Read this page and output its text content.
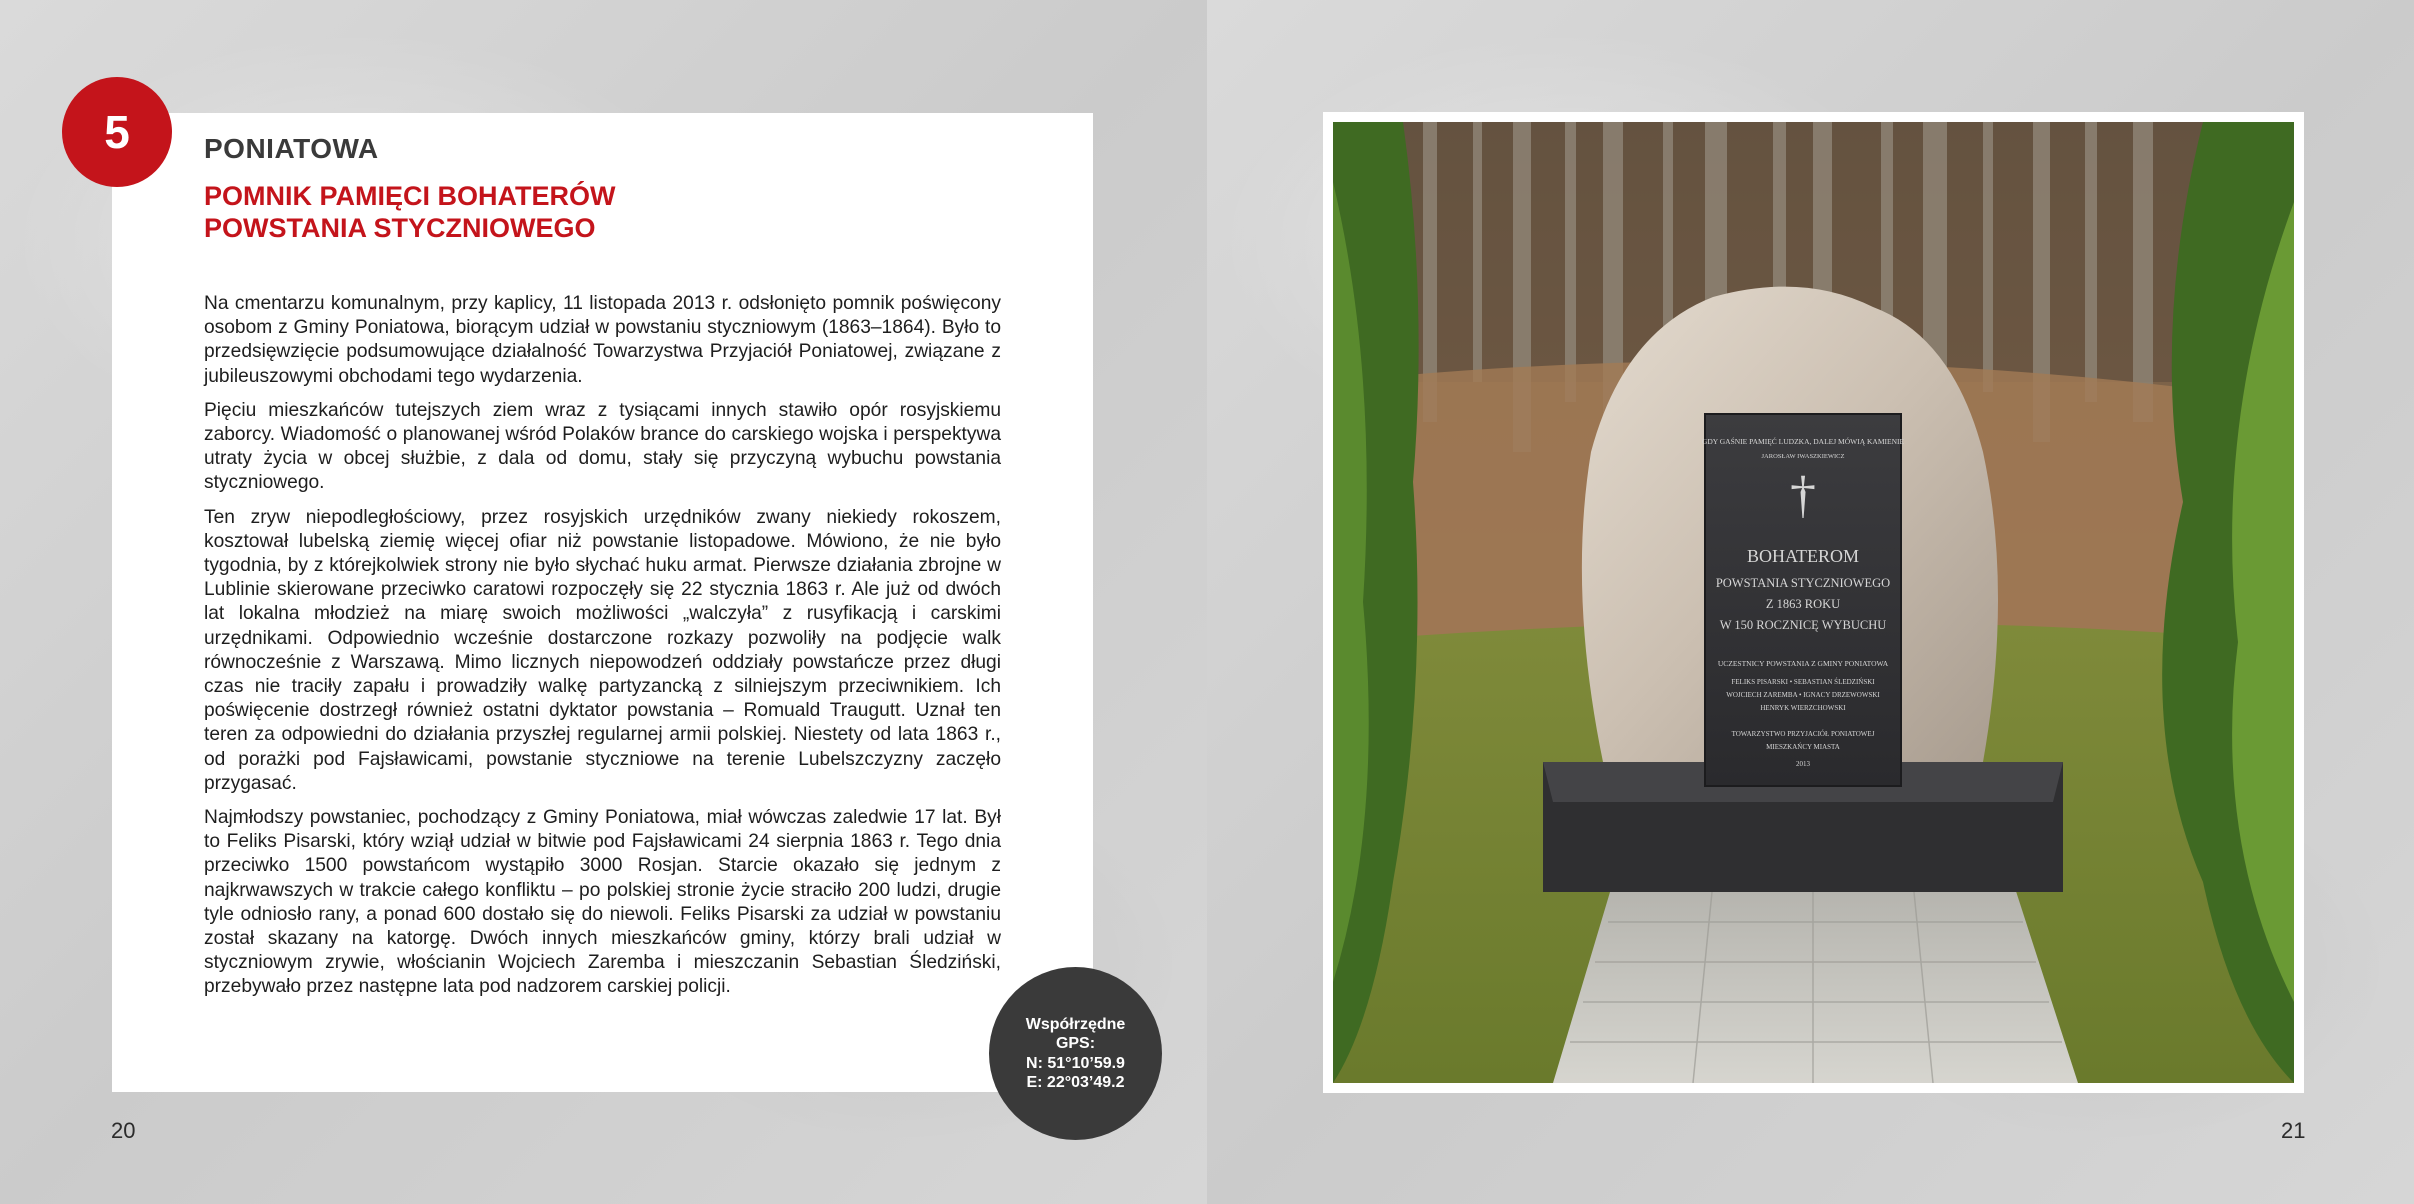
5	PONIATOWA
POMNIK PAMIĘCI BOHATERÓW
POWSTANIA STYCZNIOWEGO

Na cmentarzu komunalnym, przy kaplicy, 11 listopada 2013 r. odsłonięto pomnik poświęcony osobom z Gminy Poniatowa, biorącym udział w powstaniu styczniowym (1863–1864). Było to przedsięwzięcie podsumowujące działalność Towarzystwa Przyjaciół Poniatowej, związane z jubileuszowymi obchodami tego wydarzenia.

Pięciu mieszkańców tutejszych ziem wraz z tysiącami innych stawiło opór rosyjskiemu zaborcy. Wiadomość o planowanej wśród Polaków brance do carskiego wojska i perspektywa utraty życia w obcej służbie, z dala od domu, stały się przyczyną wybuchu powstania styczniowego.

Ten zryw niepodległościowy, przez rosyjskich urzędników zwany niekiedy rokoszem, kosztował lubelską ziemię więcej ofiar niż powstanie listopadowe. Mówiono, że nie było tygodnia, by z którejkolwiek strony nie było słychać huku armat. Pierwsze działania zbrojne w Lublinie skierowane przeciwko caratowi rozpoczęły się 22 stycznia 1863 r. Ale już od dwóch lat lokalna młodzież na miarę swoich możliwości „walczyła” z rusyfikacją i carskimi urzędnikami. Odpowiednio wcześnie dostarczone rozkazy pozwoliły na podjęcie walk równocześnie z Warszawą. Mimo licznych niepowodzeń oddziały powstańcze przez długi czas nie traciły zapału i prowadziły walkę partyzancką z silniejszym przeciwnikiem. Ich poświęcenie dostrzegł również ostatni dyktator powstania – Romuald Traugutt. Uznał ten teren za odpowiedni do działania przyszłej regularnej armii polskiej. Niestety od lata 1863 r., od porażki pod Fajsławicami, powstanie styczniowe na terenie Lubelszczyzny zaczęło przygasać.

Najmłodszy powstaniec, pochodzący z Gminy Poniatowa, miał wówczas zaledwie 17 lat. Był to Feliks Pisarski, który wziął udział w bitwie pod Fajsławicami 24 sierpnia 1863 r. Tego dnia przeciwko 1500 powstańcom wystąpiło 3000 Rosjan. Starcie okazało się jednym z najkrwawszych w trakcie całego konfliktu – po polskiej stronie życie straciło 200 ludzi, drugie tyle odniosło rany, a ponad 600 dostało się do niewoli. Feliks Pisarski za udział w powstaniu został skazany na katorgę. Dwóch innych mieszkańców gminy, którzy brali udział w styczniowym zrywie, włościanin Wojciech Zaremba i mieszczanin Sebastian Śledziński, przebywało przez następne lata pod nadzorem carskiej policji.

Współrzędne
GPS:
N: 51°10’59.9
E: 22°03’49.2
20	21
GDY GAŚNIE PAMIĘĆ LUDZKA, DALEJ MÓWIĄ KAMIENIE
JAROSŁAW IWASZKIEWICZ
†
BOHATEROM
POWSTANIA STYCZNIOWEGO
Z 1863 ROKU
W 150 ROCZNICĘ WYBUCHU
UCZESTNICY POWSTANIA Z GMINY PONIATOWA
FELIKS PISARSKI • SEBASTIAN ŚLEDZIŃSKI
WOJCIECH ZAREMBA • IGNACY DRZEWOWSKI
HENRYK WIERZCHOWSKI
TOWARZYSTWO PRZYJACIÓŁ PONIATOWEJ
MIESZKAŃCY MIASTA
2013
